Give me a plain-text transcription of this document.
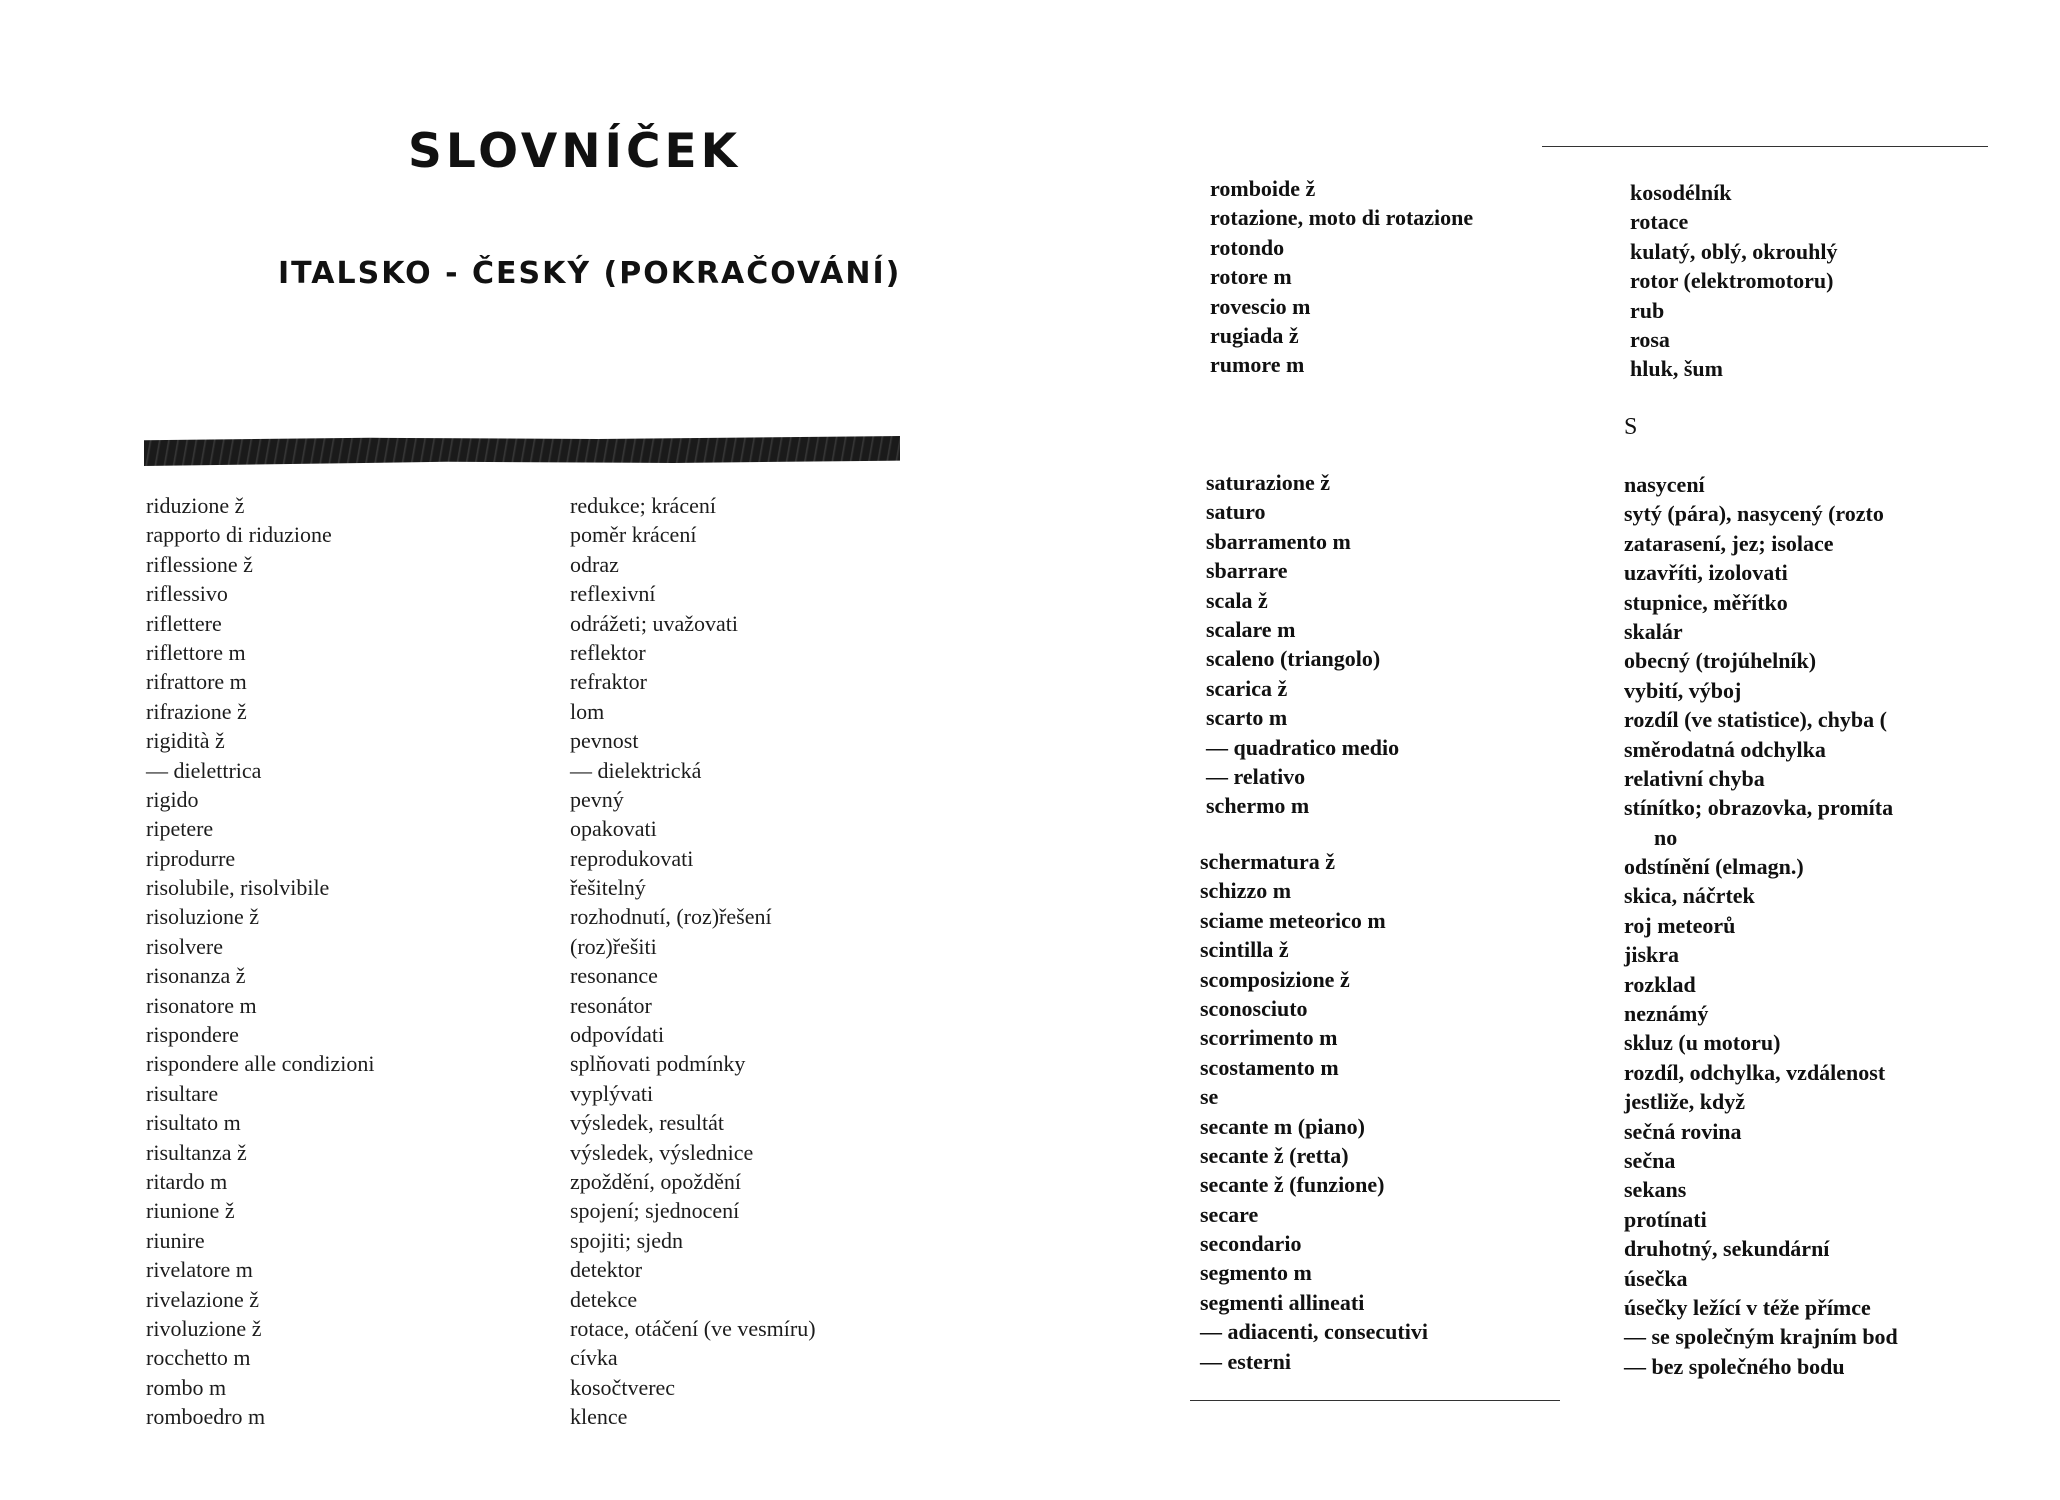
SLOVNÍČEK
ITALSKO - ČESKÝ (POKRAČOVÁNÍ)
riduzione ž
rapporto di riduzione
riflessione ž
riflessivo
riflettere
riflettore m
rifrattore m
rifrazione ž
rigidità ž
— dielettrica
rigido
ripetere
riprodurre
risolubile, risolvibile
risoluzione ž
risolvere
risonanza ž
risonatore m
rispondere
rispondere alle condizioni
risultare
risultato m
risultanza ž
ritardo m
riunione ž
riunire
rivelatore m
rivelazione ž
rivoluzione ž
rocchetto m
rombo m
romboedro m
redukce; krácení
poměr krácení
odraz
reflexivní
odrážeti; uvažovati
reflektor
refraktor
lom
pevnost
— dielektrická
pevný
opakovati
reprodukovati
řešitelný
rozhodnutí, (roz)řešení
(roz)řešiti
resonance
resonátor
odpovídati
splňovati podmínky
vyplývati
výsledek, resultát
výsledek, výslednice
zpoždění, opoždění
spojení; sjednocení
spojiti; sjedn
detektor
detekce
rotace, otáčení (ve vesmíru)
cívka
kosočtverec
klence
romboide ž
rotazione, moto di rotazione
rotondo
rotore m
rovescio m
rugiada ž
rumore m
kosodélník
rotace
kulatý, oblý, okrouhlý
rotor (elektromotoru)
rub
rosa
hluk, šum
S
saturazione ž
saturo
sbarramento m
sbarrare
scala ž
scalare m
scaleno (triangolo)
scarica ž
scarto m
— quadratico medio
— relativo
schermo m
schermatura ž
schizzo m
sciame meteorico m
scintilla ž
scomposizione ž
sconosciuto
scorrimento m
scostamento m
se
secante m (piano)
secante ž (retta)
secante ž (funzione)
secare
secondario
segmento m
segmenti allineati
— adiacenti, consecutivi
— esterni
nasycení
sytý (pára), nasycený (rozto
zatarasení, jez; isolace
uzavříti, izolovati
stupnice, měřítko
skalár
obecný (trojúhelník)
vybití, výboj
rozdíl (ve statistice), chyba (
směrodatná odchylka
relativní chyba
stínítko; obrazovka, promíta
no
odstínění (elmagn.)
skica, náčrtek
roj meteorů
jiskra
rozklad
neznámý
skluz (u motoru)
rozdíl, odchylka, vzdálenost
jestliže, když
sečná rovina
sečna
sekans
protínati
druhotný, sekundární
úsečka
úsečky ležící v téže přímce
— se společným krajním bod
— bez společného bodu
